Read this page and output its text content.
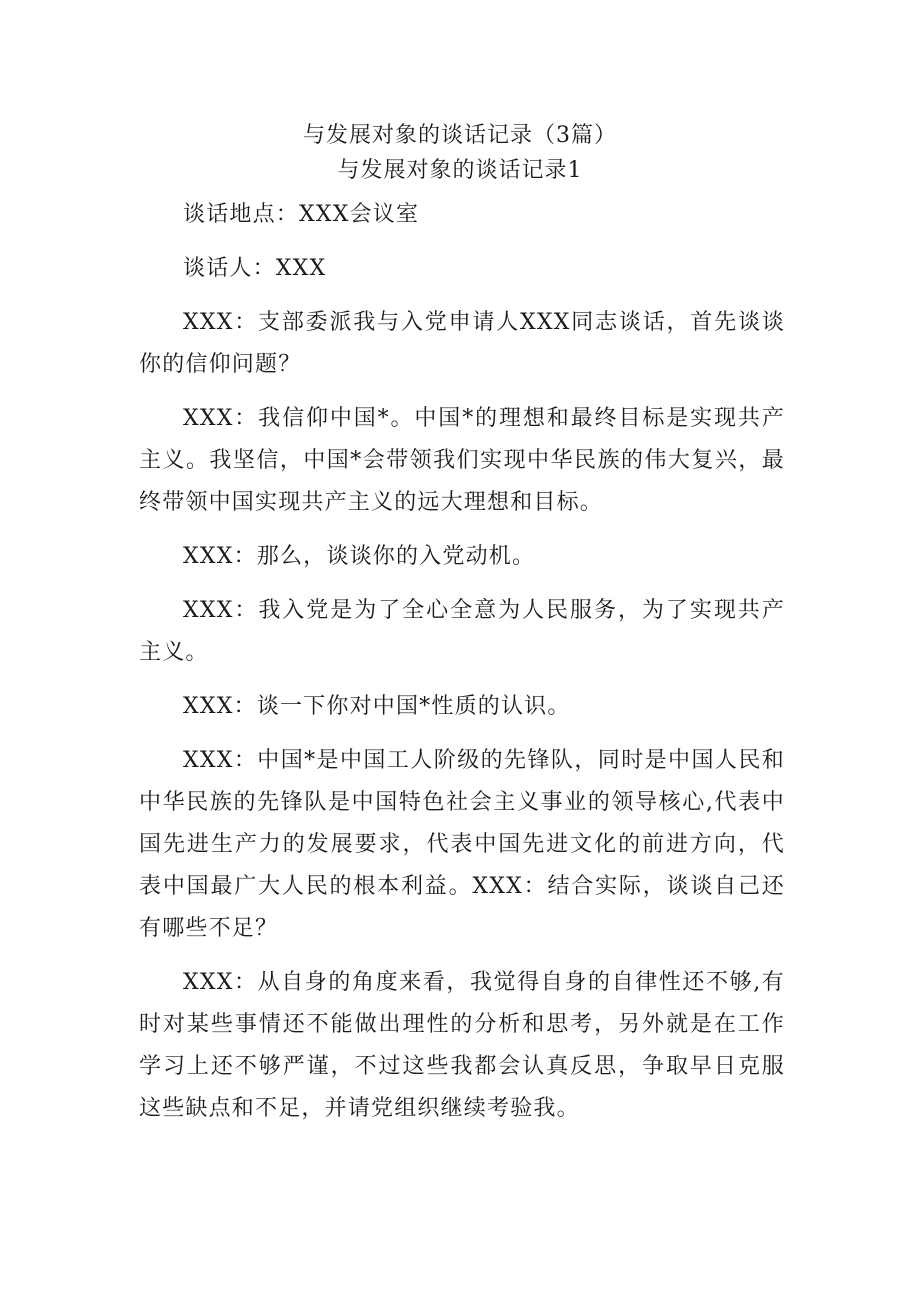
与发展对象的谈话记录（3篇）
与发展对象的谈话记录1

谈话地点：XXX会议室

谈话人：XXX

XXX：支部委派我与入党申请人XXX同志谈话，首先谈谈你的信仰问题？

XXX：我信仰中国*。中国*的理想和最终目标是实现共产主义。我坚信，中国*会带领我们实现中华民族的伟大复兴，最终带领中国实现共产主义的远大理想和目标。

XXX：那么，谈谈你的入党动机。

XXX：我入党是为了全心全意为人民服务，为了实现共产主义。

XXX：谈一下你对中国*性质的认识。

XXX：中国*是中国工人阶级的先锋队，同时是中国人民和中华民族的先锋队是中国特色社会主义事业的领导核心,代表中国先进生产力的发展要求，代表中国先进文化的前进方向，代表中国最广大人民的根本利益。XXX：结合实际，谈谈自己还有哪些不足？

XXX：从自身的角度来看，我觉得自身的自律性还不够,有时对某些事情还不能做出理性的分析和思考，另外就是在工作学习上还不够严谨，不过这些我都会认真反思，争取早日克服这些缺点和不足，并请党组织继续考验我。
